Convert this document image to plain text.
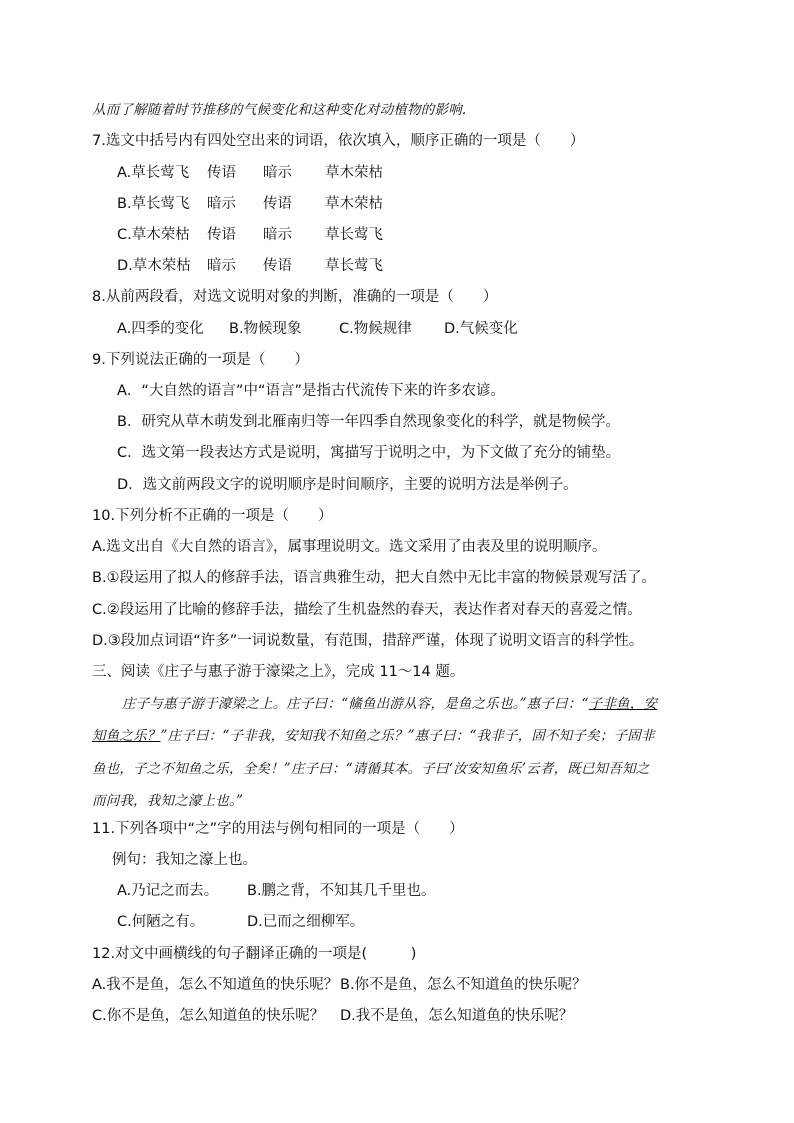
从而了解随着时节推移的气候变化和这种变化对动植物的影响.
7.选文中括号内有四处空出来的词语，依次填入，顺序正确的一项是（　　）
A.草长莺飞 传语 暗示 草木荣枯
B.草长莺飞 暗示 传语 草木荣枯
C.草木荣枯 传语 暗示 草长莺飞
D.草木荣枯 暗示 传语 草长莺飞
8.从前两段看，对选文说明对象的判断，准确的一项是（　　）
A.四季的变化 B.物候现象	C.物候规律 D.气候变化
9.下列说法正确的一项是（　　）
A．“大自然的语言”中“语言”是指古代流传下来的许多农谚。
B．研究从草木萌发到北雁南归等一年四季自然现象变化的科学，就是物候学。
C．选文第一段表达方式是说明，寓描写于说明之中，为下文做了充分的铺垫。
D．选文前两段文字的说明顺序是时间顺序，主要的说明方法是举例子。
10.下列分析不正确的一项是（　　）
A.选文出自《大自然的语言》，属事理说明文。选文采用了由表及里的说明顺序。
B.①段运用了拟人的修辞手法，语言典雅生动，把大自然中无比丰富的物候景观写活了。
C.②段运用了比喻的修辞手法，描绘了生机盎然的春天，表达作者对春天的喜爱之情。
D.③段加点词语“许多”一词说数量，有范围，措辞严谨，体现了说明文语言的科学性。
三、阅读《庄子与惠子游于濠梁之上》，完成 11～14 题。
庄子与惠子游于濠梁之上。庄子曰：“鯈鱼出游从容，是鱼之乐也。”惠子曰：“子非鱼，安
知鱼之乐？”庄子曰：“子非我，安知我不知鱼之乐？”惠子曰：“我非子，固不知子矣；子固非
鱼也，子之不知鱼之乐，全矣！”庄子曰：“请循其本。子曰‘汝安知鱼乐’云者，既已知吾知之
而问我，我知之濠上也。”
11.下列各项中“之”字的用法与例句相同的一项是（　　）
例句：我知之濠上也。
A.乃记之而去。 B.鹏之背，不知其几千里也。
C.何陋之有。	D.已而之细柳军。
12.对文中画横线的句子翻译正确的一项是(　　　)
A.我不是鱼，怎么不知道鱼的快乐呢？ B.你不是鱼，怎么不知道鱼的快乐呢？
C.你不是鱼，怎么知道鱼的快乐呢？ D.我不是鱼，怎么知道鱼的快乐呢？
